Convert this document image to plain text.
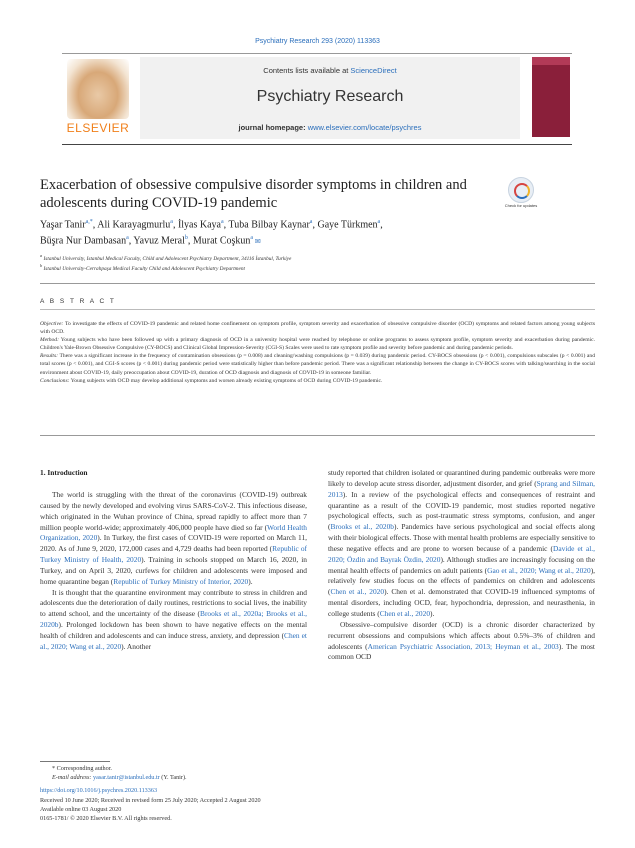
Psychiatry Research 293 (2020) 113363
ELSEVIER
Contents lists available at ScienceDirect
Psychiatry Research
journal homepage: www.elsevier.com/locate/psychres
Exacerbation of obsessive compulsive disorder symptoms in children and adolescents during COVID-19 pandemic	Check for updates
Yaşar Tanir$^{a,*}$, Ali Karayagmurlu$^a$, İlyas Kaya$^a$, Tuba Bilbay Kaynar$^a$, Gaye Türkmen$^a$,
Büşra Nur Dambasan$^a$, Yavuz Meral$^b$, Murat Coşkun$^a$ ✉
$^a$ Istanbul University, Istanbul Medical Faculty, Child and Adolescent Psychiatry Department, 34116 İstanbul, Turkiye
$^b$ Istanbul University-Cerrahpaşa Medical Faculty Child and Adolescent Psychiatry Department
A B S T R A C T

Objective: To investigate the effects of COVID-19 pandemic and related home confinement on symptom profile, symptom severity and exacerbation of obsessive compulsive disorder (OCD) symptoms and related factors among young subjects with OCD.

Method: Young subjects who have been followed up with a primary diagnosis of OCD in a university hospital were reached by telephone or online programs to assess symptom profile, symptom severity and exacerbation during pandemic. Children's Yale-Brown Obsessive Compulsive (CY-BOCS) and Clinical Global Impression-Severity (CGI-S) Scales were used to rate symptom profile and severity before pandemic and during pandemic periods.

Results: There was a significant increase in the frequency of contamination obsessions (p = 0.008) and cleaning/washing compulsions (p = 0.039) during pandemic period. CY-BOCS obsessions (p < 0.001), compulsions subscales (p < 0.001) and total scores (p < 0.001), and CGI-S scores (p < 0.001) during pandemic period were statistically higher than before pandemic period. There was a significant relationship between the change in CY-BOCS scores with talking/searching in the social environment about COVID-19, daily preoccupation about COVID-19, duration of OCD diagnosis and diagnosis of COVID-19 in someone familiar.

Conclusions: Young subjects with OCD may develop additional symptoms and worsen already existing symptoms of OCD during COVID-19 pandemic.

1. Introduction

The world is struggling with the threat of the coronavirus (COVID-19) outbreak caused by the newly developed and evolving virus SARS-CoV-2. This infectious disease, which originated in the Wuhan province of China, spread rapidly to affect more than 7 million people world-wide; approximately 406,000 people have died so far (World Health Organization, 2020). In Turkey, the first cases of COVID-19 were reported on March 11, 2020. As of June 9, 2020, 172,000 cases and 4,729 deaths had been reported (Republic of Turkey Ministry of Health, 2020). Training in schools stopped on March 16, 2020, in Turkey, and on April 3, 2020, curfews for children and adolescents were imposed and home quarantine began (Republic of Turkey Ministry of Interior, 2020).

It is thought that the quarantine environment may contribute to stress in children and adolescents due the deterioration of daily routines, restrictions to social lives, the inability to attend school, and the uncertainty of the disease (Brooks et al., 2020a; Brooks et al., 2020b). Prolonged lockdown has been shown to have negative effects on the mental health of children and adolescents and can induce stress, anxiety, and depression (Chen et al., 2020; Wang et al., 2020). Another

study reported that children isolated or quarantined during pandemic outbreaks were more likely to develop acute stress disorder, adjustment disorder, and grief (Sprang and Silman, 2013). In a review of the psychological effects and consequences of restraint and quarantine as a result of the COVID-19 pandemic, most studies reported negative psychological effects, such as post-traumatic stress symptoms, confusion, and anger (Brooks et al., 2020b). Pandemics have serious psychological and social effects along with their biological effects. Those with mental health problems are especially sensitive to these negative effects and are prone to worsen because of a pandemic (Davide et al., 2020; Özdin and Bayrak Özdin, 2020). Although studies are increasingly focusing on the mental health effects of pandemics on adult patients (Gao et al., 2020; Wang et al., 2020), relatively few studies focus on the effects of pandemics on children and adolescents (Chen et al., 2020). Chen et al. demonstrated that COVID-19 influenced symptoms of mental disorders, including OCD, fear, hypochondria, depression, and neurasthenia, in college students (Chen et al., 2020).

Obsessive–compulsive disorder (OCD) is a chronic disorder characterized by recurrent obsessions and compulsions which affects about 0.5%–3% of children and adolescents (American Psychiatric Association, 2013; Heyman et al., 2003). The most common OCD

* Corresponding author.
E-mail address: yasar.tanir@istanbul.edu.tr (Y. Tanir).
https://doi.org/10.1016/j.psychres.2020.113363
Received 10 June 2020; Received in revised form 25 July 2020; Accepted 2 August 2020
Available online 03 August 2020
0165-1781/ © 2020 Elsevier B.V. All rights reserved.
